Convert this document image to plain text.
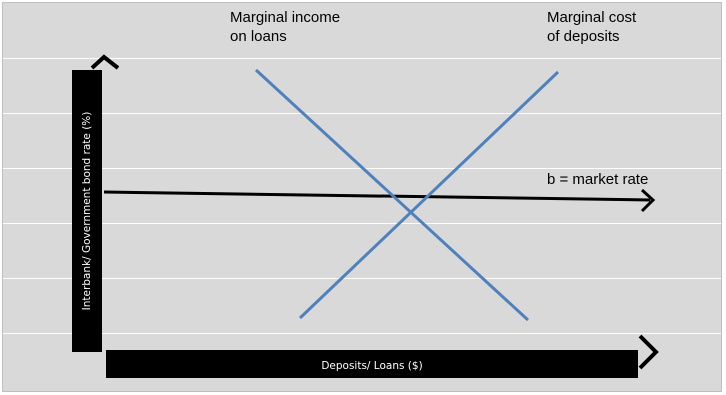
Interbank/ Government bond rate (%)
Deposits/ Loans ($)
Marginal income
on loans
Marginal cost
of deposits
b = market rate
